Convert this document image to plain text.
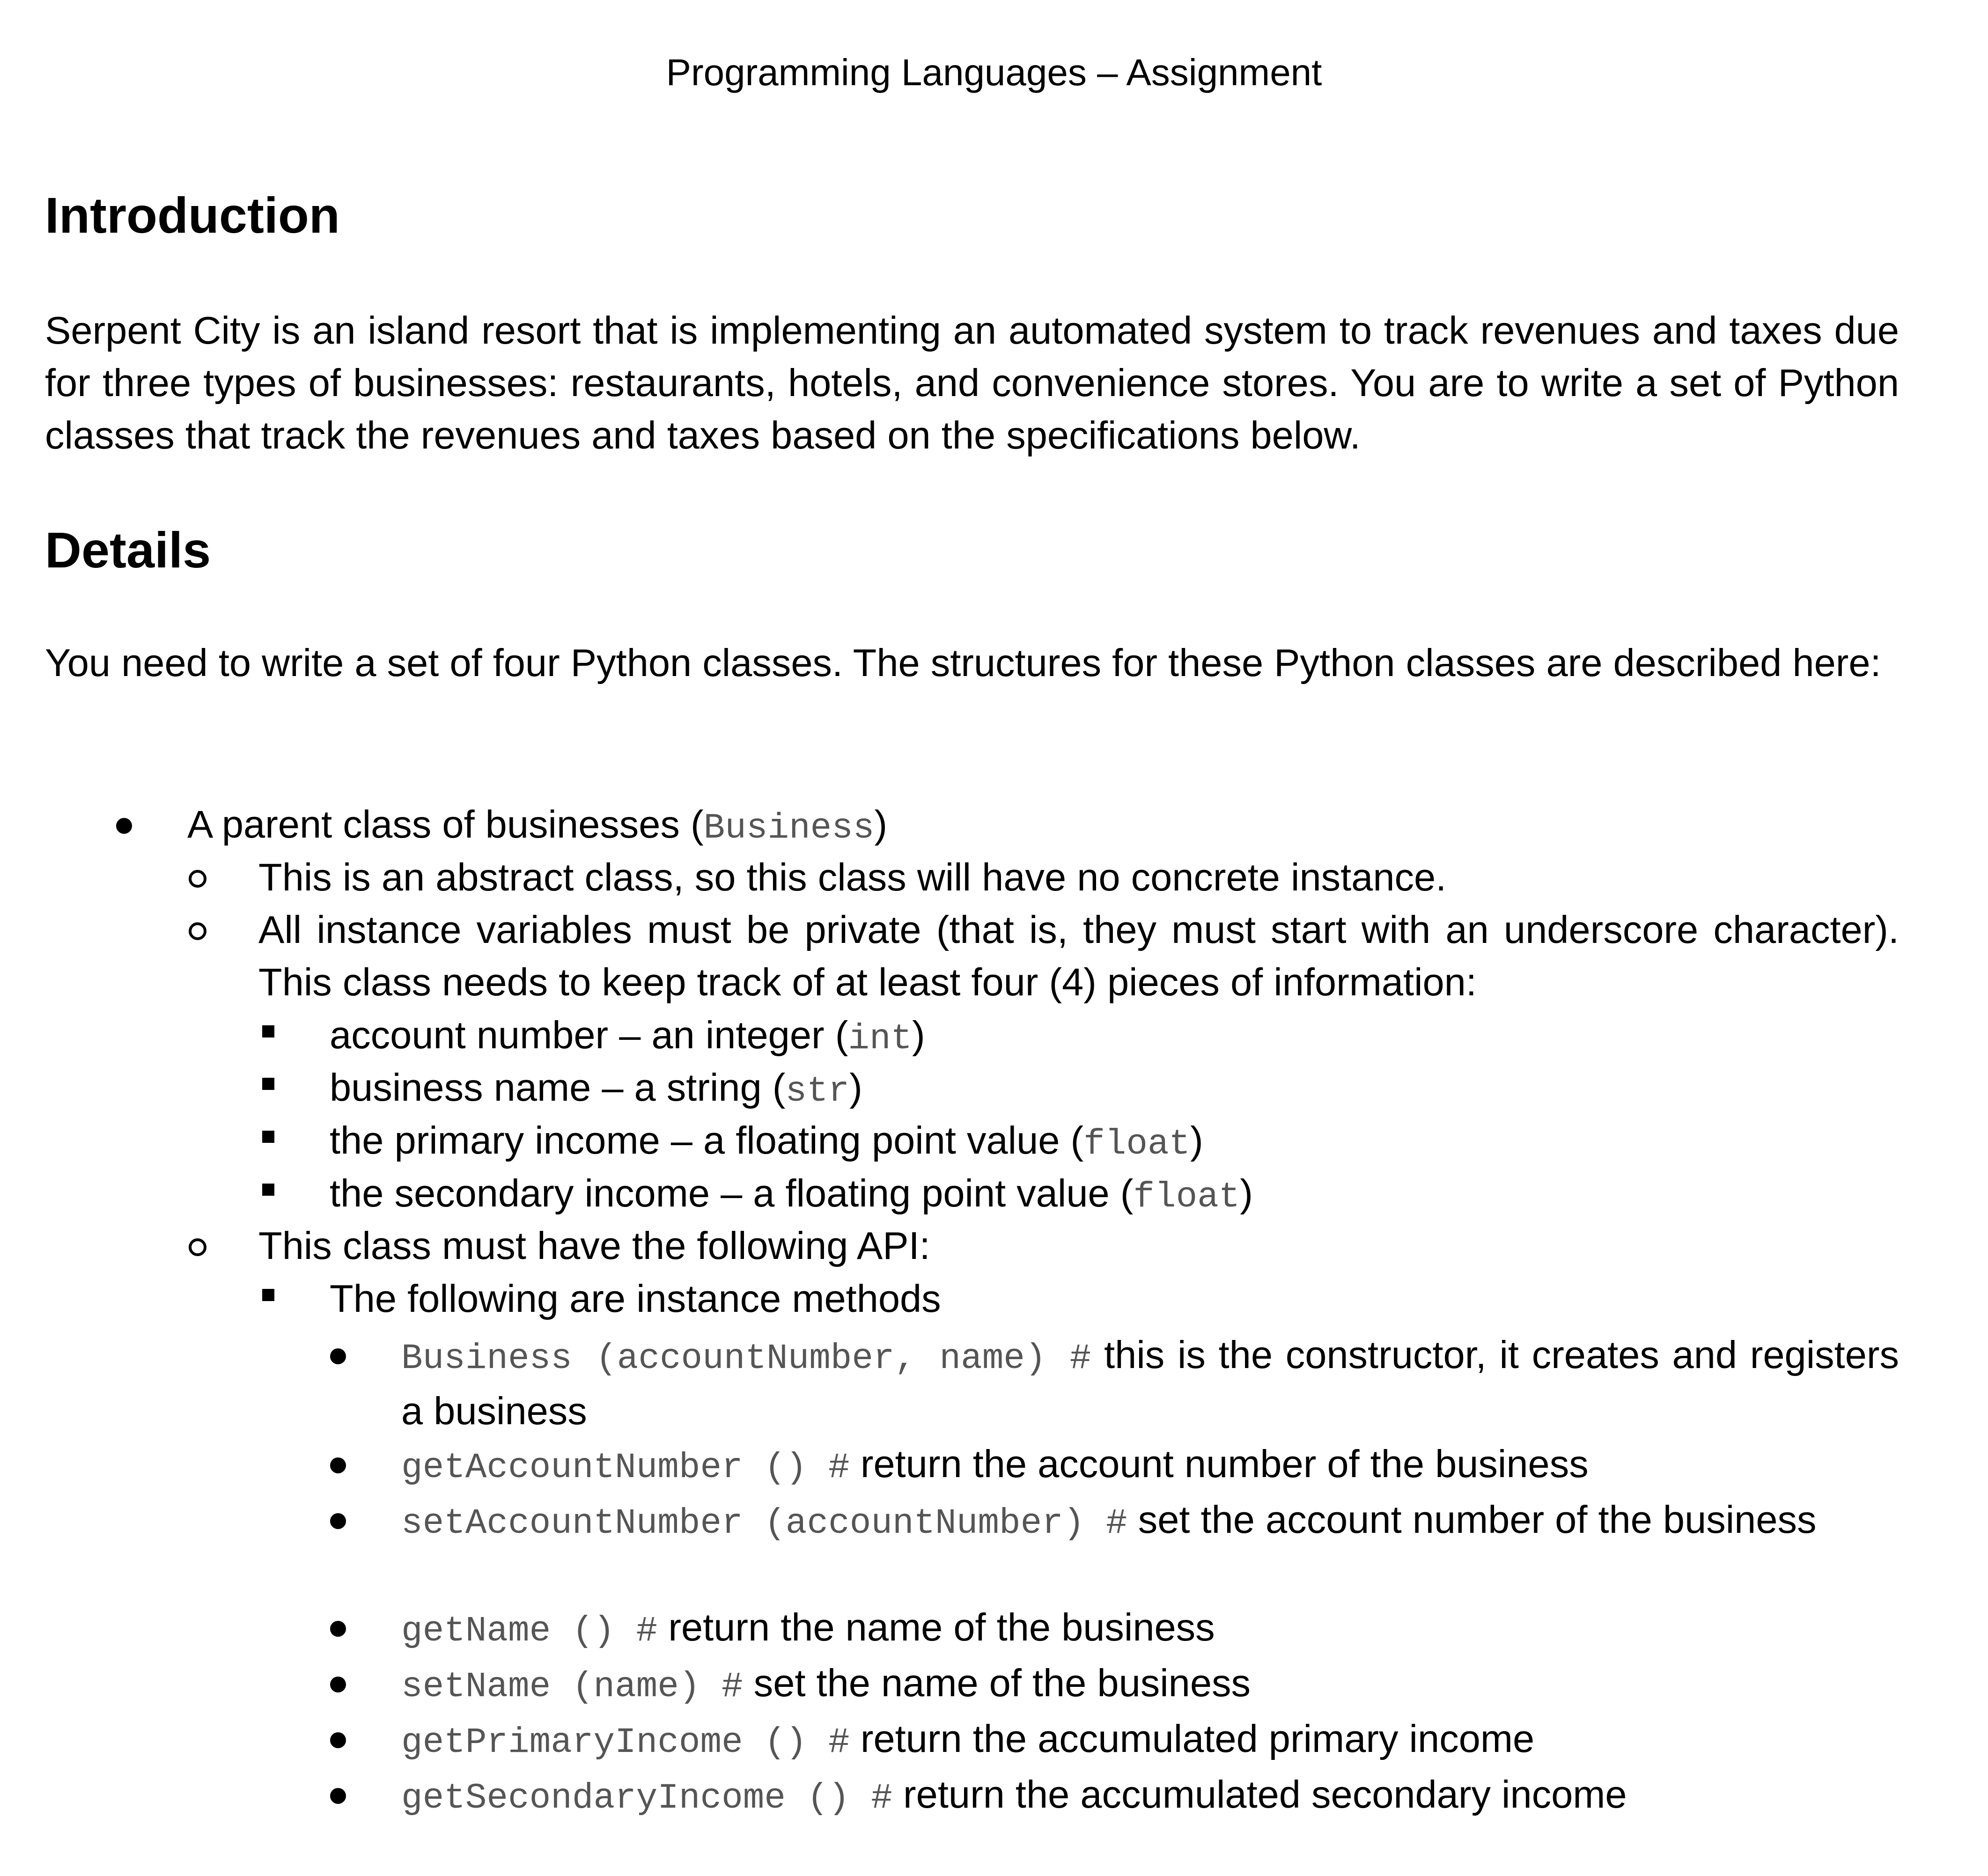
Programming Languages – Assignment
Introduction
Serpent City is an island resort that is implementing an automated system to track revenues and taxes due for three types of businesses: restaurants, hotels, and convenience stores. You are to write a set of Python classes that track the revenues and taxes based on the specifications below.
Details
You need to write a set of four Python classes. The structures for these Python classes are described here:
A parent class of businesses (Business)
This is an abstract class, so this class will have no concrete instance.
All instance variables must be private (that is, they must start with an underscore character). This class needs to keep track of at least four (4) pieces of information:
account number – an integer (int)
business name – a string (str)
the primary income – a floating point value (float)
the secondary income – a floating point value (float)
This class must have the following API:
The following are instance methods
Business (accountNumber, name) # this is the constructor, it creates and registers a business
getAccountNumber () # return the account number of the business
setAccountNumber (accountNumber) # set the account number of the business
getName () # return the name of the business
setName (name) # set the name of the business
getPrimaryIncome () # return the accumulated primary income
getSecondaryIncome () # return the accumulated secondary income
